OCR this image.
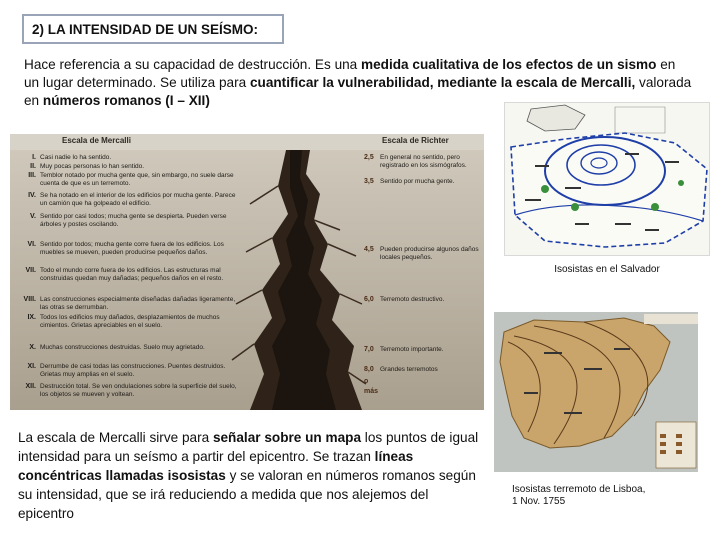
2) LA INTENSIDAD DE UN SEÍSMO:
Hace referencia a su capacidad de destrucción. Es una medida cualitativa de los efectos de un sismo en un lugar determinado. Se utiliza para cuantificar la vulnerabilidad, mediante la escala de Mercalli, valorada en números romanos (I – XII)
Escala de Mercalli	Escala de Richter
I. Casi nadie lo ha sentido.
II. Muy pocas personas lo han sentido.
III. Temblor notado por mucha gente que, sin embargo, no suele darse cuenta de que es un terremoto.
IV. Se ha notado en el interior de los edificios por mucha gente. Parece un camión que ha golpeado el edificio.
V. Sentido por casi todos; mucha gente se despierta. Pueden verse árboles y postes oscilando.
VI. Sentido por todos; mucha gente corre fuera de los edificios. Los muebles se mueven, pueden producirse pequeños daños.
VII. Todo el mundo corre fuera de los edificios. Las estructuras mal construidas quedan muy dañadas; pequeños daños en el resto.
VIII. Las construcciones especialmente diseñadas dañadas ligeramente, las otras se derrumban.
IX. Todos los edificios muy dañados, desplazamientos de muchos cimientos. Grietas apreciables en el suelo.
X. Muchas construcciones destruidas. Suelo muy agrietado.
XI. Derrumbe de casi todas las construcciones. Puentes destruidos. Grietas muy amplias en el suelo.
XII. Destrucción total. Se ven ondulaciones sobre la superficie del suelo, los objetos se mueven y voltean.
2,5 En general no sentido, pero registrado en los sismógrafos.
3,5 Sentido por mucha gente.
4,5 Pueden producirse algunos daños locales pequeños.
6,0 Terremoto destructivo.
7,0 Terremoto importante.
8,0 Grandes terremotos
o
más
Isosistas en el Salvador
La escala de Mercalli sirve para señalar sobre un mapa los puntos de igual intensidad para un seísmo a partir del epicentro. Se trazan líneas concéntricas llamadas isosistas y se valoran en números romanos según su intensidad, que se irá reduciendo a medida que nos alejemos del epicentro
Isosistas terremoto de Lisboa,
1 Nov. 1755
